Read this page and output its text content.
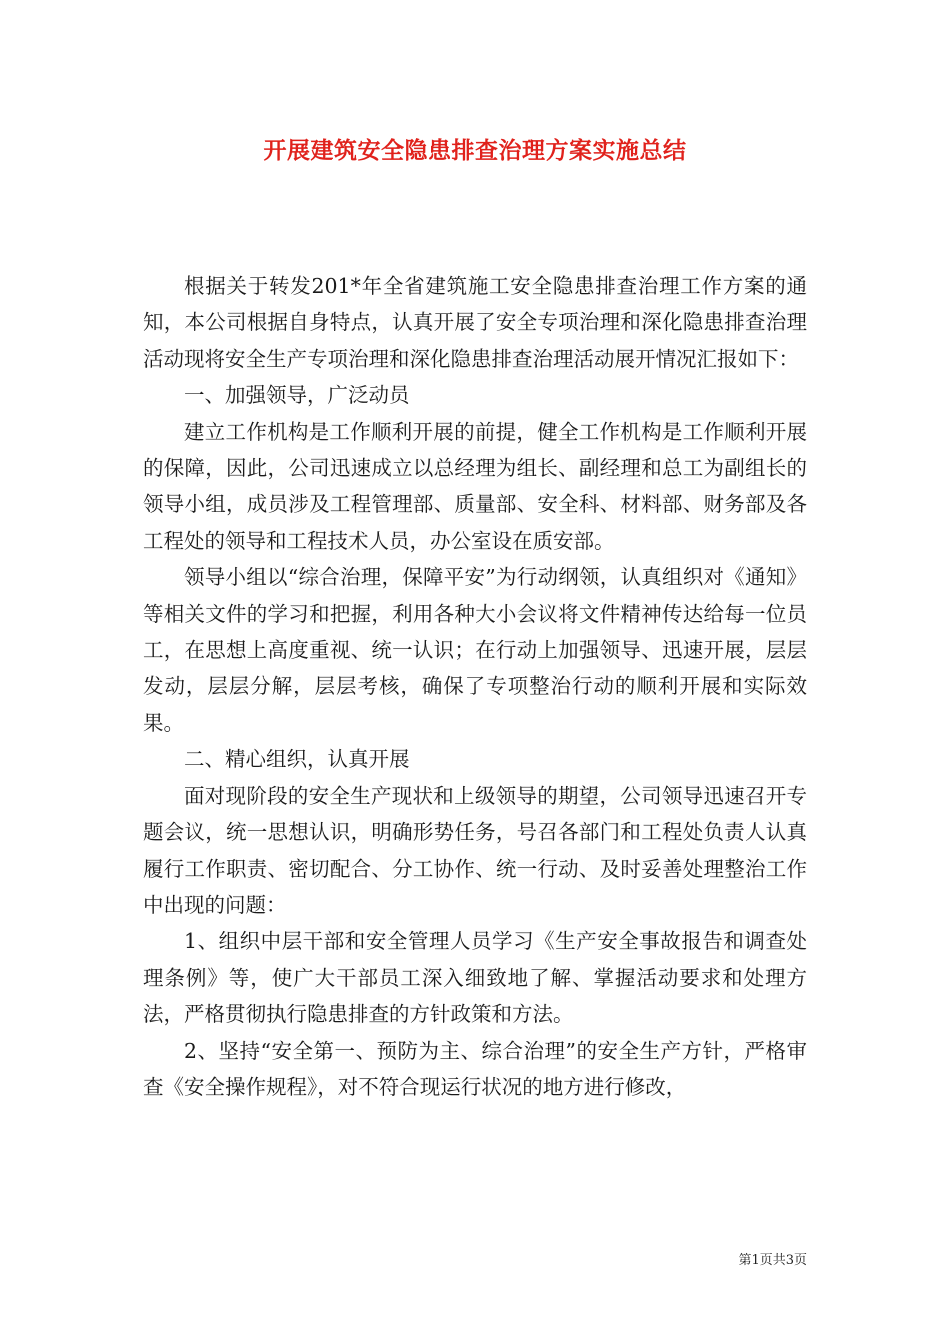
开展建筑安全隐患排查治理方案实施总结

根据关于转发201*年全省建筑施工安全隐患排查治理工作方案的通知，本公司根据自身特点，认真开展了安全专项治理和深化隐患排查治理活动现将安全生产专项治理和深化隐患排查治理活动展开情况汇报如下：

一、加强领导，广泛动员

建立工作机构是工作顺利开展的前提，健全工作机构是工作顺利开展的保障，因此，公司迅速成立以总经理为组长、副经理和总工为副组长的领导小组，成员涉及工程管理部、质量部、安全科、材料部、财务部及各工程处的领导和工程技术人员，办公室设在质安部。

领导小组以“综合治理，保障平安”为行动纲领，认真组织对《通知》等相关文件的学习和把握，利用各种大小会议将文件精神传达给每一位员工，在思想上高度重视、统一认识；在行动上加强领导、迅速开展，层层发动，层层分解，层层考核，确保了专项整治行动的顺利开展和实际效果。

二、精心组织，认真开展

面对现阶段的安全生产现状和上级领导的期望，公司领导迅速召开专题会议，统一思想认识，明确形势任务，号召各部门和工程处负责人认真履行工作职责、密切配合、分工协作、统一行动、及时妥善处理整治工作中出现的问题：

1、组织中层干部和安全管理人员学习《生产安全事故报告和调查处理条例》等，使广大干部员工深入细致地了解、掌握活动要求和处理方法，严格贯彻执行隐患排查的方针政策和方法。

2、坚持“安全第一、预防为主、综合治理”的安全生产方针，严格审查《安全操作规程》，对不符合现运行状况的地方进行修改，

第1页共3页
